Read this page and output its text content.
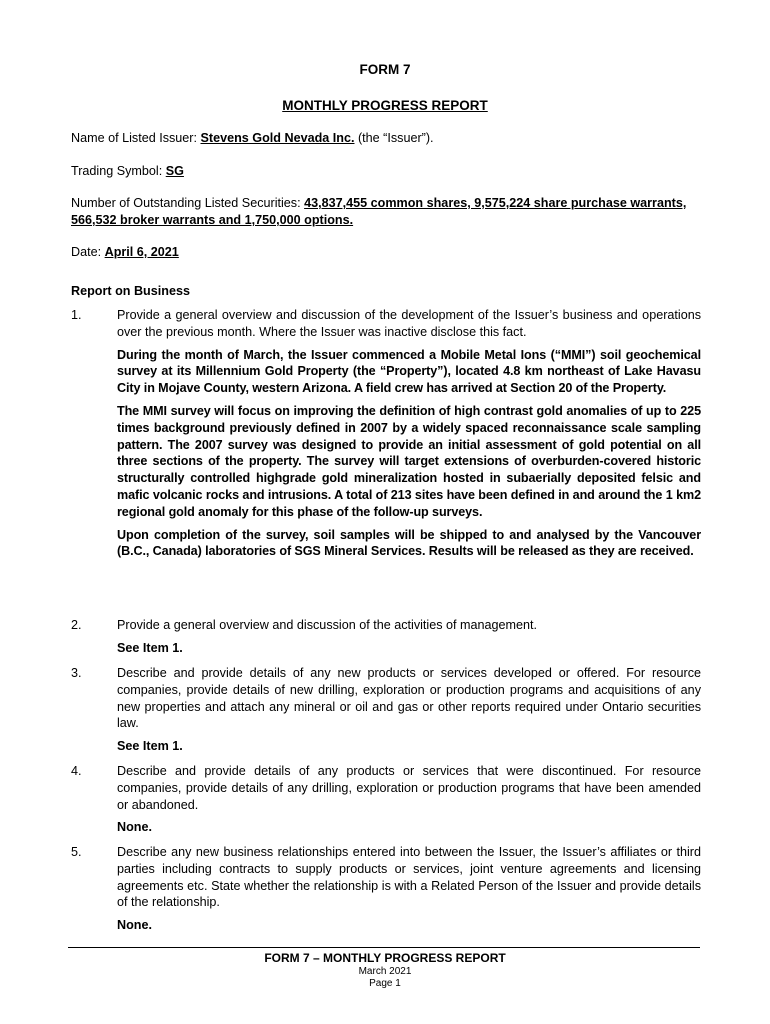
FORM 7
MONTHLY PROGRESS REPORT
Name of Listed Issuer: Stevens Gold Nevada Inc. (the “Issuer”).
Trading Symbol: SG
Number of Outstanding Listed Securities: 43,837,455 common shares, 9,575,224 share purchase warrants, 566,532 broker warrants and 1,750,000 options.
Date: April 6, 2021
Report on Business
1.	Provide a general overview and discussion of the development of the Issuer’s business and operations over the previous month. Where the Issuer was inactive disclose this fact.
During the month of March, the Issuer commenced a Mobile Metal Ions (“MMI”) soil geochemical survey at its Millennium Gold Property (the “Property”), located 4.8 km northeast of Lake Havasu City in Mojave County, western Arizona. A field crew has arrived at Section 20 of the Property.
The MMI survey will focus on improving the definition of high contrast gold anomalies of up to 225 times background previously defined in 2007 by a widely spaced reconnaissance scale sampling pattern. The 2007 survey was designed to provide an initial assessment of gold potential on all three sections of the property. The survey will target extensions of overburden-covered historic structurally controlled highgrade gold mineralization hosted in subaerially deposited felsic and mafic volcanic rocks and intrusions. A total of 213 sites have been defined in and around the 1 km2 regional gold anomaly for this phase of the follow-up surveys.
Upon completion of the survey, soil samples will be shipped to and analysed by the Vancouver (B.C., Canada) laboratories of SGS Mineral Services. Results will be released as they are received.
2.	Provide a general overview and discussion of the activities of management.
See Item 1.
3.	Describe and provide details of any new products or services developed or offered. For resource companies, provide details of new drilling, exploration or production programs and acquisitions of any new properties and attach any mineral or oil and gas or other reports required under Ontario securities law.
See Item 1.
4.	Describe and provide details of any products or services that were discontinued. For resource companies, provide details of any drilling, exploration or production programs that have been amended or abandoned.
None.
5.	Describe any new business relationships entered into between the Issuer, the Issuer’s affiliates or third parties including contracts to supply products or services, joint venture agreements and licensing agreements etc. State whether the relationship is with a Related Person of the Issuer and provide details of the relationship.
None.
FORM 7 – MONTHLY PROGRESS REPORT
March 2021
Page 1
